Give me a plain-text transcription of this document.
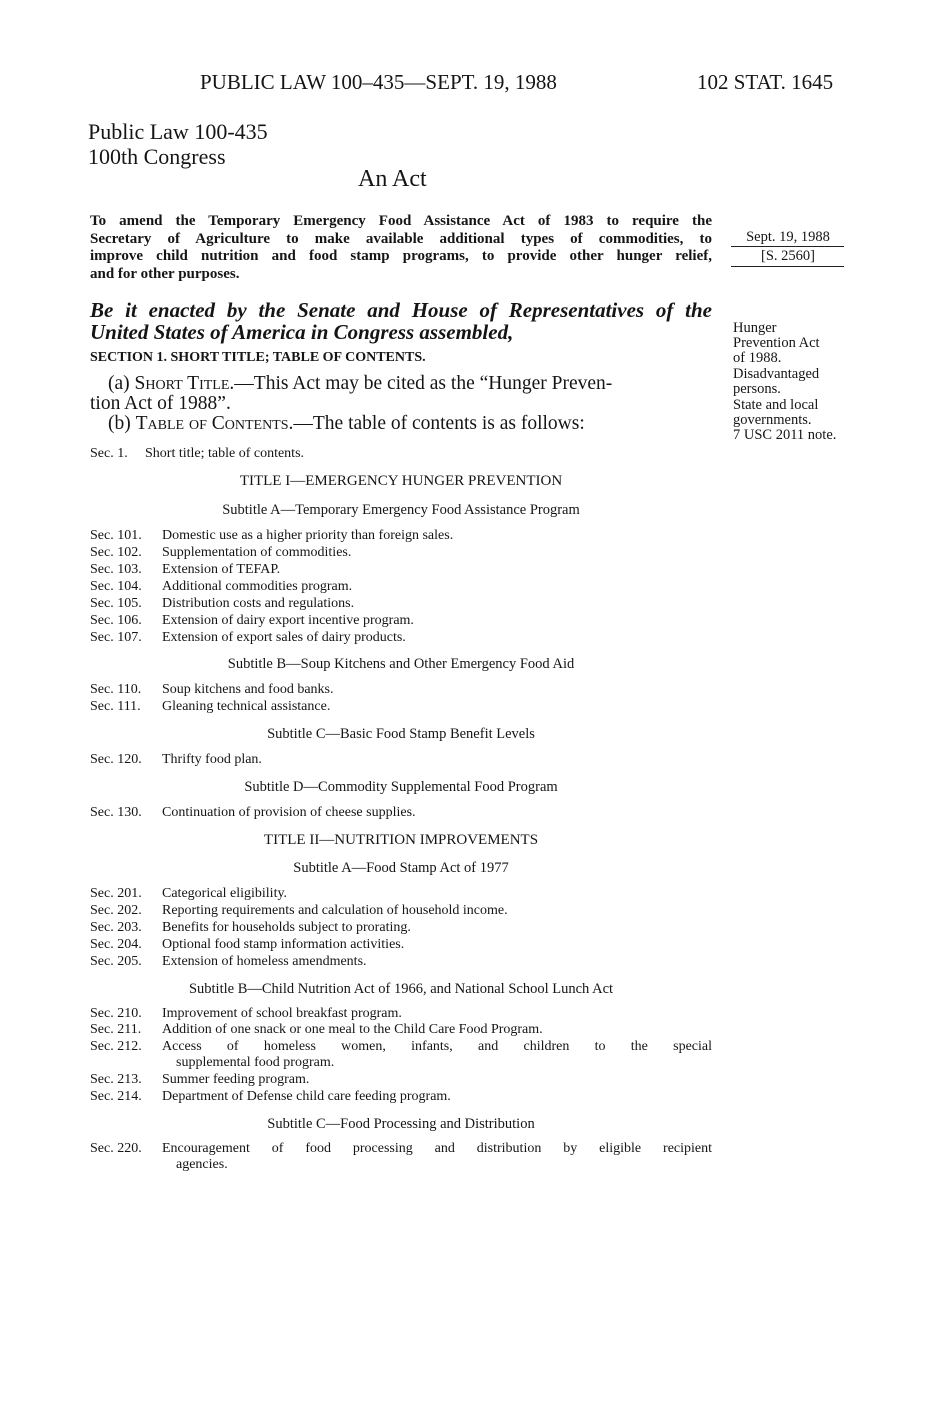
PUBLIC LAW 100–435—SEPT. 19, 1988	102 STAT. 1645
Public Law 100-435
100th Congress
An Act

To amend the Temporary Emergency Food Assistance Act of 1983 to require the

Secretary of Agriculture to make available additional types of commodities, to

improve child nutrition and food stamp programs, to provide other hunger relief,

and for other purposes.

Sept. 19, 1988
[S. 2560]
Hunger
Prevention Act
of 1988.
Disadvantaged
persons.
State and local
governments.
7 USC 2011 note.

Be it enacted by the Senate and House of Representatives of the

United States of America in Congress assembled,

SECTION 1. SHORT TITLE; TABLE OF CONTENTS.
(a) Short Title.—This Act may be cited as the “Hunger Preven-
tion Act of 1988”.
(b) Table of Contents.—The table of contents is as follows:
Sec. 1. Short title; table of contents.
TITLE I—EMERGENCY HUNGER PREVENTION
Subtitle A—Temporary Emergency Food Assistance Program
Sec. 101. Domestic use as a higher priority than foreign sales.
Sec. 102. Supplementation of commodities.
Sec. 103. Extension of TEFAP.
Sec. 104. Additional commodities program.
Sec. 105. Distribution costs and regulations.
Sec. 106. Extension of dairy export incentive program.
Sec. 107. Extension of export sales of dairy products.
Subtitle B—Soup Kitchens and Other Emergency Food Aid
Sec. 110. Soup kitchens and food banks.
Sec. 111. Gleaning technical assistance.
Subtitle C—Basic Food Stamp Benefit Levels
Sec. 120. Thrifty food plan.
Subtitle D—Commodity Supplemental Food Program
Sec. 130. Continuation of provision of cheese supplies.
TITLE II—NUTRITION IMPROVEMENTS
Subtitle A—Food Stamp Act of 1977
Sec. 201. Categorical eligibility.
Sec. 202. Reporting requirements and calculation of household income.
Sec. 203. Benefits for households subject to prorating.
Sec. 204. Optional food stamp information activities.
Sec. 205. Extension of homeless amendments.
Subtitle B—Child Nutrition Act of 1966, and National School Lunch Act
Sec. 210. Improvement of school breakfast program.
Sec. 211. Addition of one snack or one meal to the Child Care Food Program.
Sec. 212. Access of homeless women, infants, and children to the special
supplemental food program.
Sec. 213. Summer feeding program.
Sec. 214. Department of Defense child care feeding program.
Subtitle C—Food Processing and Distribution
Sec. 220. Encouragement of food processing and distribution by eligible recipient
agencies.
